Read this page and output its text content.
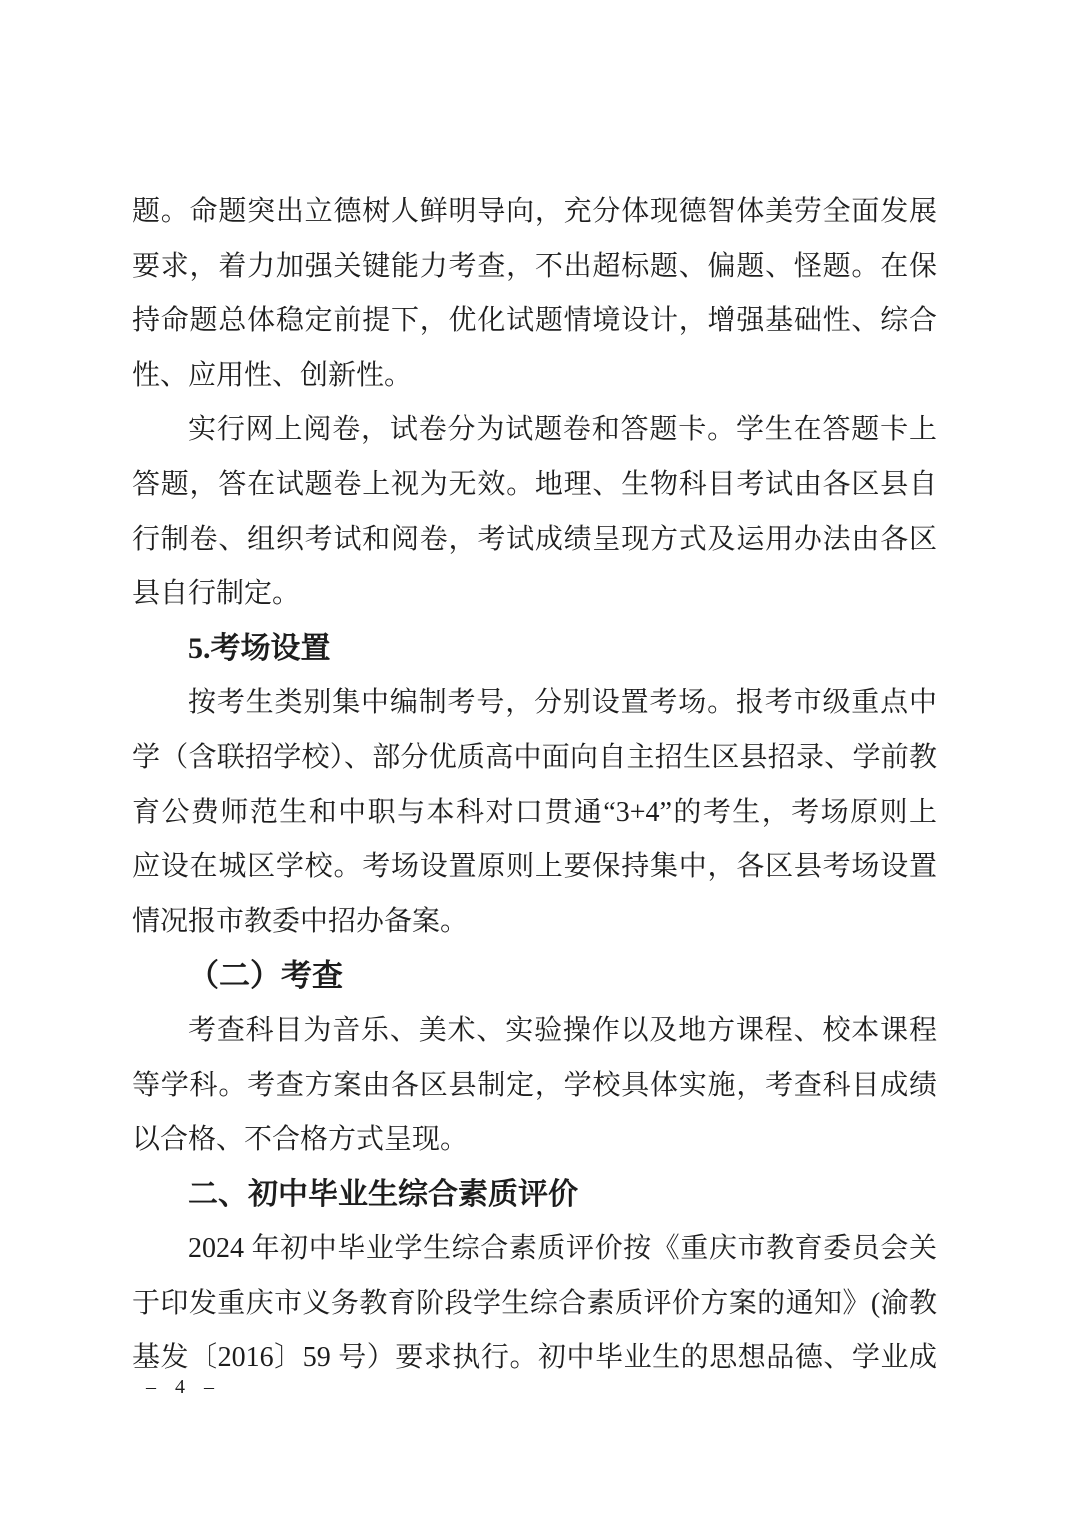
题。命题突出立德树人鲜明导向，充分体现德智体美劳全面发展
要求，着力加强关键能力考查，不出超标题、偏题、怪题。在保
持命题总体稳定前提下，优化试题情境设计，增强基础性、综合
性、应用性、创新性。
实行网上阅卷，试卷分为试题卷和答题卡。学生在答题卡上
答题，答在试题卷上视为无效。地理、生物科目考试由各区县自
行制卷、组织考试和阅卷，考试成绩呈现方式及运用办法由各区
县自行制定。
5.考场设置
按考生类别集中编制考号，分别设置考场。报考市级重点中
学（含联招学校）、部分优质高中面向自主招生区县招录、学前教
育公费师范生和中职与本科对口贯通“3+4”的考生，考场原则上
应设在城区学校。考场设置原则上要保持集中，各区县考场设置
情况报市教委中招办备案。
（二）考查
考查科目为音乐、美术、实验操作以及地方课程、校本课程
等学科。考查方案由各区县制定，学校具体实施，考查科目成绩
以合格、不合格方式呈现。
二、初中毕业生综合素质评价
2024 年初中毕业学生综合素质评价按《重庆市教育委员会关
于印发重庆市义务教育阶段学生综合素质评价方案的通知》(渝教
基发〔2016〕59 号）要求执行。初中毕业生的思想品德、学业成
– 4 –
